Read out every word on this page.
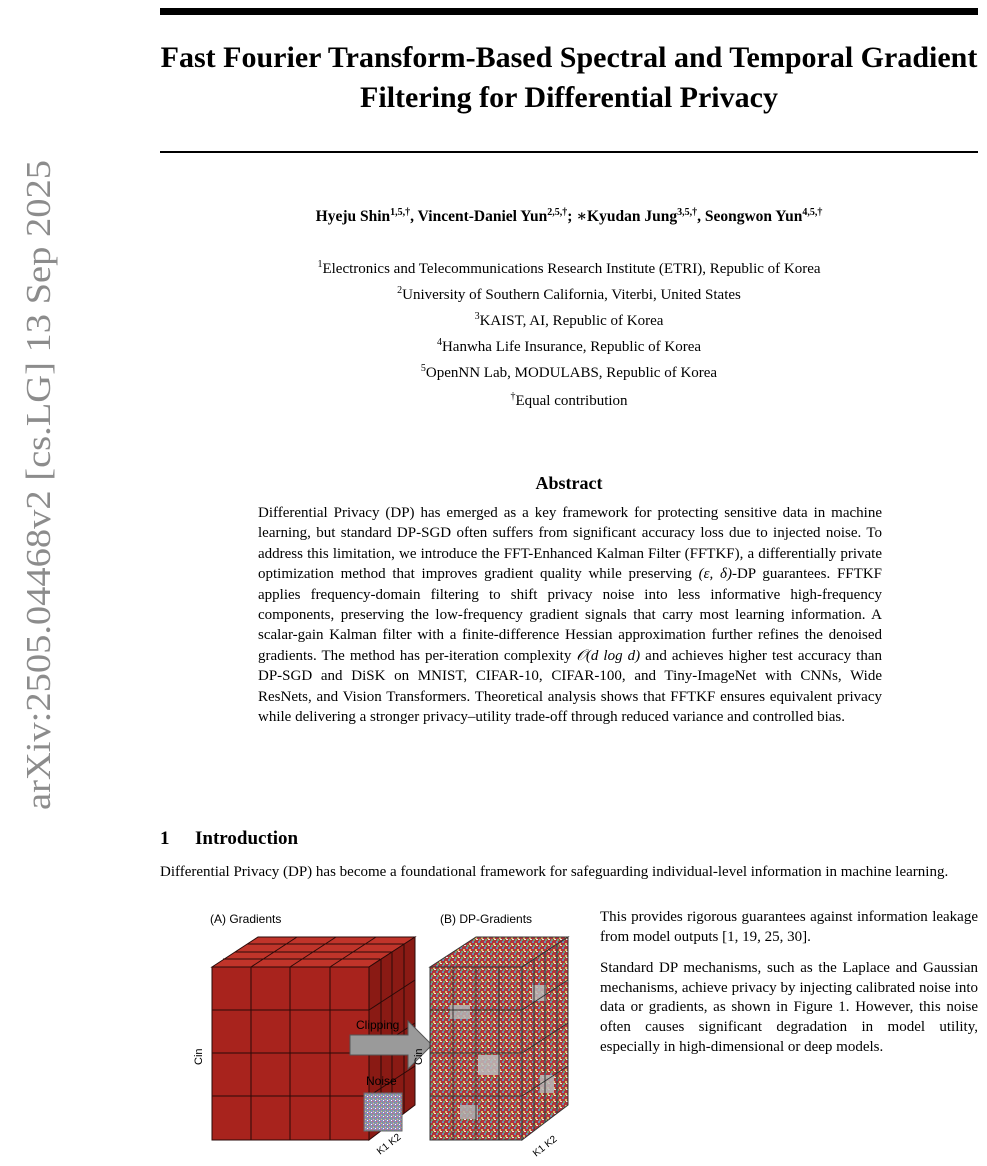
arXiv:2505.04468v2 [cs.LG] 13 Sep 2025
Fast Fourier Transform-Based Spectral and Temporal Gradient Filtering for Differential Privacy
Hyeju Shin$^{1,5,\dagger}$, Vincent-Daniel Yun$^{2,5,\dagger}$; ∗Kyudan Jung$^{3,5,\dagger}$, Seongwon Yun$^{4,5,\dagger}$
$^1$Electronics and Telecommunications Research Institute (ETRI), Republic of Korea
$^2$University of Southern California, Viterbi, United States
$^3$KAIST, AI, Republic of Korea
$^4$Hanwha Life Insurance, Republic of Korea
$^5$OpenNN Lab, MODULABS, Republic of Korea
†Equal contribution
Abstract
Differential Privacy (DP) has emerged as a key framework for protecting sensitive data in machine learning, but standard DP-SGD often suffers from significant accuracy loss due to injected noise. To address this limitation, we introduce the FFT-Enhanced Kalman Filter (FFTKF), a differentially private optimization method that improves gradient quality while preserving (ε, δ)-DP guarantees. FFTKF applies frequency-domain filtering to shift privacy noise into less informative high-frequency components, preserving the low-frequency gradient signals that carry most learning information. A scalar-gain Kalman filter with a finite-difference Hessian approximation further refines the denoised gradients. The method has per-iteration complexity 𝒪(d log d) and achieves higher test accuracy than DP-SGD and DiSK on MNIST, CIFAR-10, CIFAR-100, and Tiny-ImageNet with CNNs, Wide ResNets, and Vision Transformers. Theoretical analysis shows that FFTKF ensures equivalent privacy while delivering a stronger privacy–utility trade-off through reduced variance and controlled bias.
1 Introduction
Differential Privacy (DP) has become a foundational framework for safeguarding individual-level information in machine learning.
(A) Gradients	(B) DP-Gradients
Cin
K1 K2
Clipping
Noise
Cin
K1 K2

This provides rigorous guarantees against information leakage from model outputs [1, 19, 25, 30].

Standard DP mechanisms, such as the Laplace and Gaussian mechanisms, achieve privacy by injecting calibrated noise into data or gradients, as shown in Figure 1. However, this noise often causes significant degradation in model utility, especially in high-dimensional or deep models.
